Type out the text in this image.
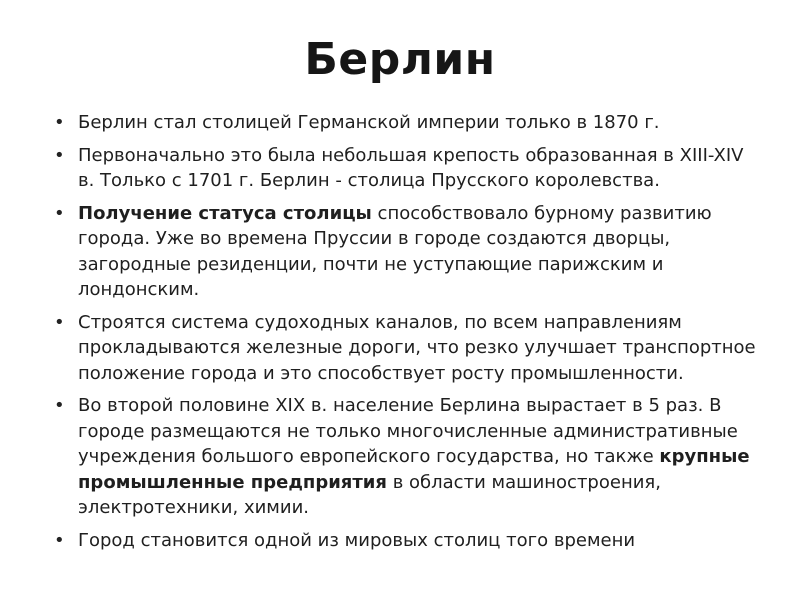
Берлин
• Берлин стал столицей Германской империи только в 1870 г.
• Первоначально это была небольшая крепость образованная в XIII-XIV в. Только с 1701 г. Берлин - столица Прусского королевства.
• Получение статуса столицы способствовало бурному развитию города. Уже во времена Пруссии в городе создаются дворцы, загородные резиденции, почти не уступающие парижским и лондонским.
• Строятся система судоходных каналов, по всем направлениям прокладываются железные дороги, что резко улучшает транспортное положение города и это способствует росту промышленности.
• Во второй половине XIX в. население Берлина вырастает в 5 раз. В городе размещаются не только многочисленные административные учреждения большого европейского государства, но также крупные промышленные предприятия в области машиностроения, электротехники, химии.
• Город становится одной из мировых столиц того времени
